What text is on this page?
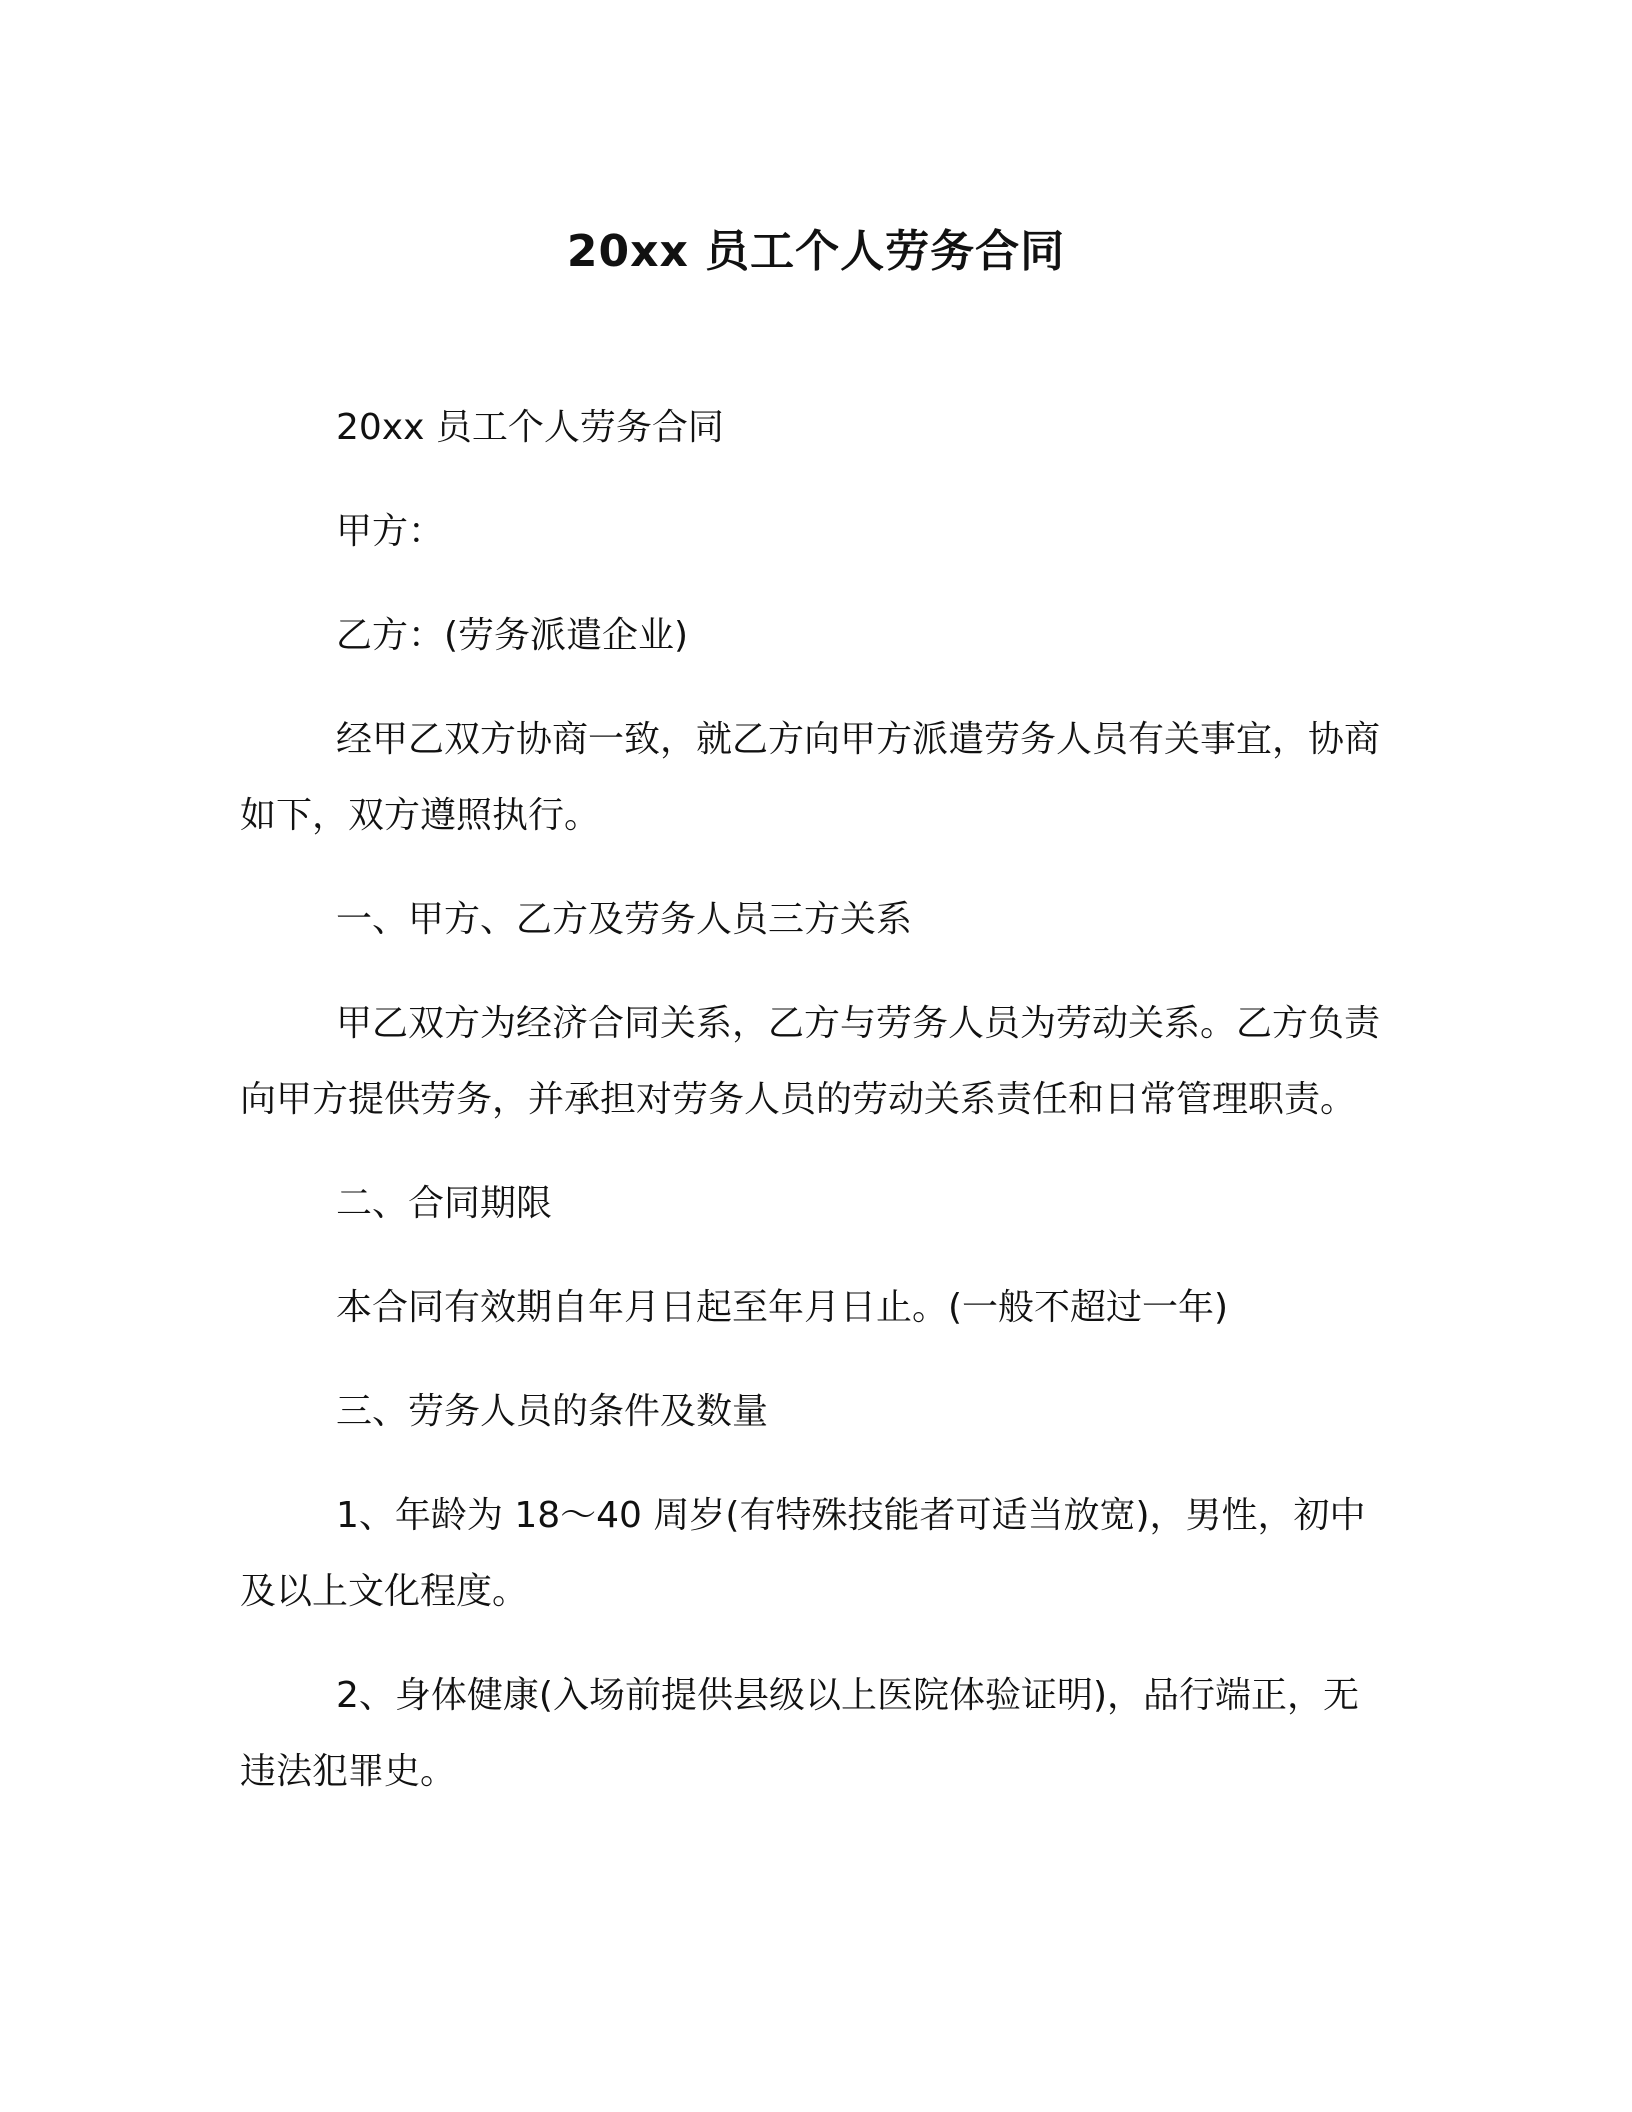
20xx 员工个人劳务合同

20xx 员工个人劳务合同

甲方：

乙方：(劳务派遣企业)

经甲乙双方协商一致，就乙方向甲方派遣劳务人员有关事宜，协商如下，双方遵照执行。

一、甲方、乙方及劳务人员三方关系

甲乙双方为经济合同关系，乙方与劳务人员为劳动关系。乙方负责向甲方提供劳务，并承担对劳务人员的劳动关系责任和日常管理职责。

二、合同期限

本合同有效期自年月日起至年月日止。(一般不超过一年)

三、劳务人员的条件及数量

1、年龄为 18～40 周岁(有特殊技能者可适当放宽)，男性，初中及以上文化程度。

2、身体健康(入场前提供县级以上医院体验证明)，品行端正，无违法犯罪史。
